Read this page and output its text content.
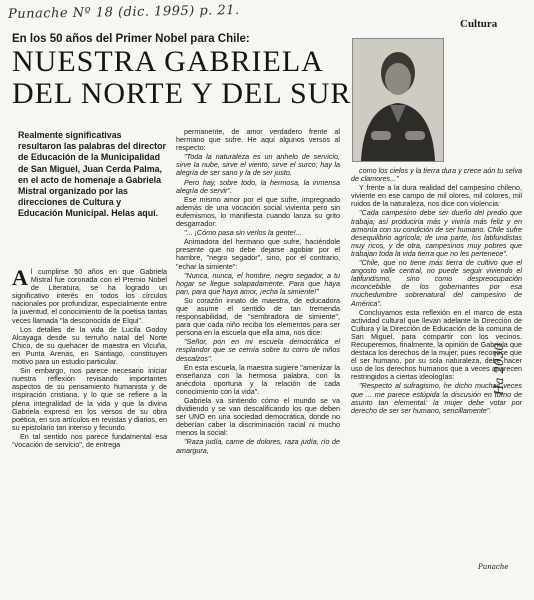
Punache Nº 18 (dic. 1995) p. 21.
Cultura
En los 50 años del Primer Nobel para Chile:
NUESTRA GABRIELA
DEL NORTE Y DEL SUR
Realmente significativas resultaron las palabras del director de Educación de la Municipalidad de San Miguel, Juan Cerda Palma, en el acto de homenaje a Gabriela Mistral organizado por las direcciones de Cultura y Educación Municipal. Helas aquí.

Al cumplirse 50 años en que Gabriela Mistral fue coronada con el Premio Nobel de Literatura, se ha logrado un significativo interés en todos los círculos nacionales por profundizar, especialmente entre la juventud, el conocimiento de la poetisa tantas veces llamada "la desconocida de Elqui".

Los detalles de la vida de Lucila Godoy Alcayaga desde su terruño natal del Norte Chico, de su quehacer de maestra en Vicuña, en Punta Arenas, en Santiago, constituyen motivo para un estudio particular.

Sin embargo, nos parece necesario iniciar nuestra reflexión revisando importantes aspectos de su pensamiento humanista y de inspiración cristiana, y lo que se refiere a la plena integralidad de la vida y que la divina Gabriela expresó en los versos de su obra poética, en sus artículos en revistas y diarios, en su epistolario tan intenso y fecundo.

En tal sentido nos parece fundamental esa "vocación de servicio", de entrega

permanente, de amor verdadero frente al hermano que sufre. He aquí algunos versos al respecto:

"Toda la naturaleza es un anhelo de servicio, sirve la nube, sirve el viento, sirve el surco; hay la alegría de ser sano y la de ser justo.

Pero hay, sobre todo, la hermosa, la inmensa alegría de servir".

Ese mismo amor por el que sufre, impregnado además de una vocación social vivienta pero sin eufemismos, lo manifiesta cuando lanza su grito desgarrador:

"... ¡Cómo pasa sin verlos la gente!...

Animadora del hermano que sufre, haciéndole presente que no debe dejarse agobiar por el hambre, "negro segador", sino, por el contrario, "echar la simiente":

"Nunca, nunca, el hombre, negro segador, a tu hogar se llegue solapadamente. Para que haya pan, para que haya amor, ¡echa la simiente!"

Su corazón innato de maestra, de educadora que asume el sentido de tan tremenda responsabilidad, de "sembradora de simiente", para que cada niño reciba los elementos para ser persona en la escuela que ella ama, nos dice:

"Señor, pon en mi escuela democrática el resplandor que se cernía sobre tu corro de niños descalzos".

En esta escuela, la maestra sugiere "amenizar la enseñanza con la hermosa palabra, con la anécdota oportuna y la relación de cada conocimiento con la vida".

Gabriela va sintiendo cómo el mundo se va dividiendo y se van descalificando los que deben ser UNO en una sociedad democrática, donde no deberían caber la discriminación racial ni mucho menos la social:

"Raza judía, carne de dolores, raza judía, río de amargura,

como los cielos y la tierra dura y crece aún tu selva de clamores..."

Y frente a la dura realidad del campesino chileno, viviente en ese campo de mil olores, mil colores, mil ruidos de la naturaleza, nos dice con violencia:

"Cada campesino debe ser dueño del predio que trabaja; así produciría más y viviría más feliz y en armonía con su condición de ser humano. Chile sufre desequilibrio agrícola; de una parte, los latifundistas muy ricos, y de otra, campesinos muy pobres que trabajan toda la vida tierra que no les pertenece".

"Chile, que no tiene más tierra de cultivo que el angosto valle central, no puede seguir viviendo el latifundismo, sino como despreocupación inconcebible de los gobernantes por esa muchedumbre sobrenatural del campesino de América".

Concluyamos esta reflexión en el marco de esta actividad cultural que llevan adelante la Dirección de Cultura y la Dirección de Educación de la comuna de San Miguel, para compartir con los vecinos. Recuperemos, finalmente, la opinión de Gabriela que destaca los derechos de la mujer, pues reconoce que el ser humano, por su sola naturaleza, debe hacer uso de los derechos humanos que a veces aparecen restringidos a ciertas ideologías:

"Respecto al sufragismo, he dicho muchas veces que ... me parece estúpida la discusión en torno de asunto tan elemental: la mujer debe votar por derecho de ser ser humano, sencillamente".

Ha 2030
Punache
